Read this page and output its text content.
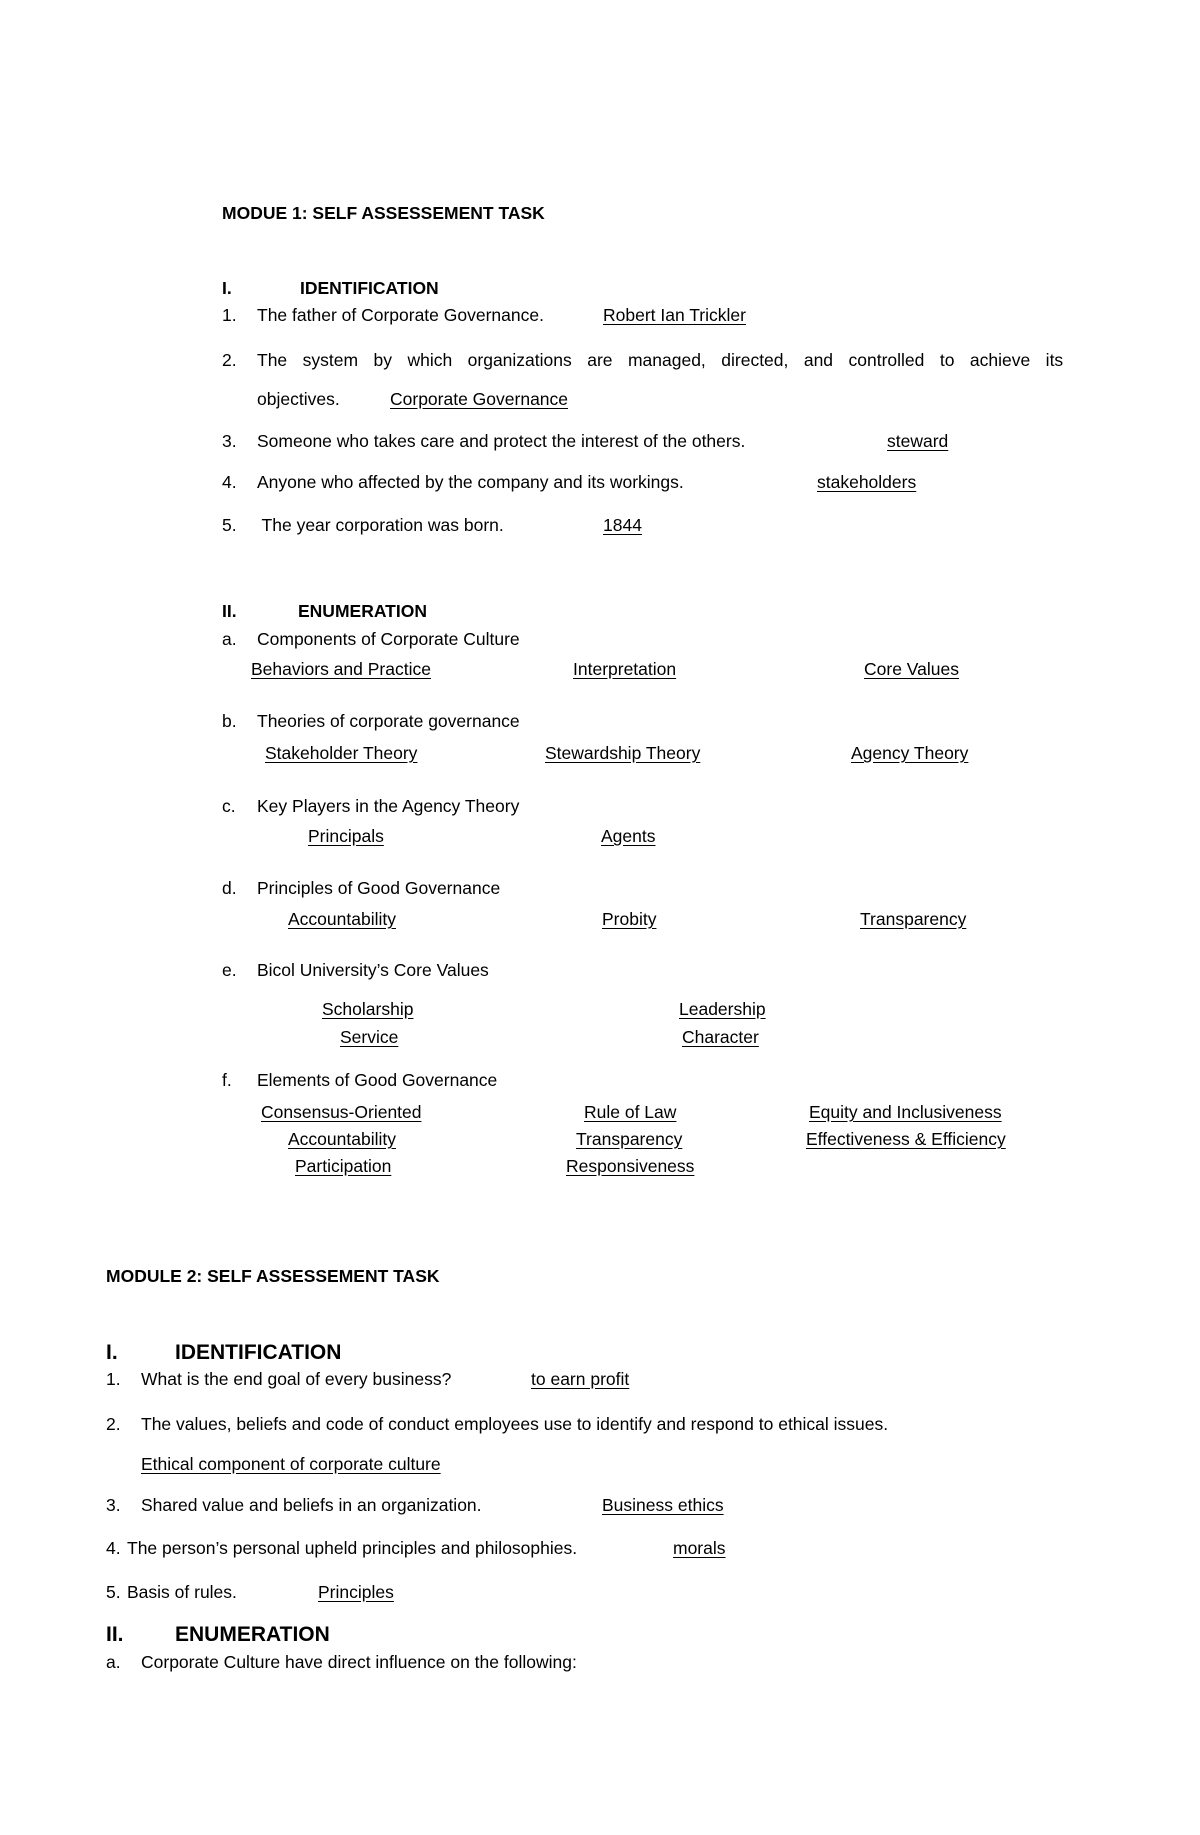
MODUE 1: SELF ASSESSEMENT TASK
I.	IDENTIFICATION
1. The father of Corporate Governance.	Robert Ian Trickler
2. The system by which organizations are managed, directed, and controlled to achieve its
objectives.	Corporate Governance
3. Someone who takes care and protect the interest of the others.	steward
4. Anyone who affected by the company and its workings.	stakeholders
5. The year corporation was born.	1844
II.	ENUMERATION
a. Components of Corporate Culture
Behaviors and Practice	Interpretation	Core Values
b. Theories of corporate governance
Stakeholder Theory	Stewardship Theory	Agency Theory
c. Key Players in the Agency Theory
Principals	Agents
d. Principles of Good Governance
Accountability	Probity	Transparency
e. Bicol University’s Core Values
Scholarship	Leadership
Service	Character
f. Elements of Good Governance
Consensus-Oriented	Rule of Law	Equity and Inclusiveness
Accountability	Transparency	Effectiveness & Efficiency
Participation	Responsiveness
MODULE 2: SELF ASSESSEMENT TASK
I.	IDENTIFICATION
1. What is the end goal of every business?	to earn profit
2. The values, beliefs and code of conduct employees use to identify and respond to ethical issues.
Ethical component of corporate culture
3. Shared value and beliefs in an organization.	Business ethics
4. The person’s personal upheld principles and philosophies.	morals
5. Basis of rules.	Principles
II. ENUMERATION
a. Corporate Culture have direct influence on the following:
